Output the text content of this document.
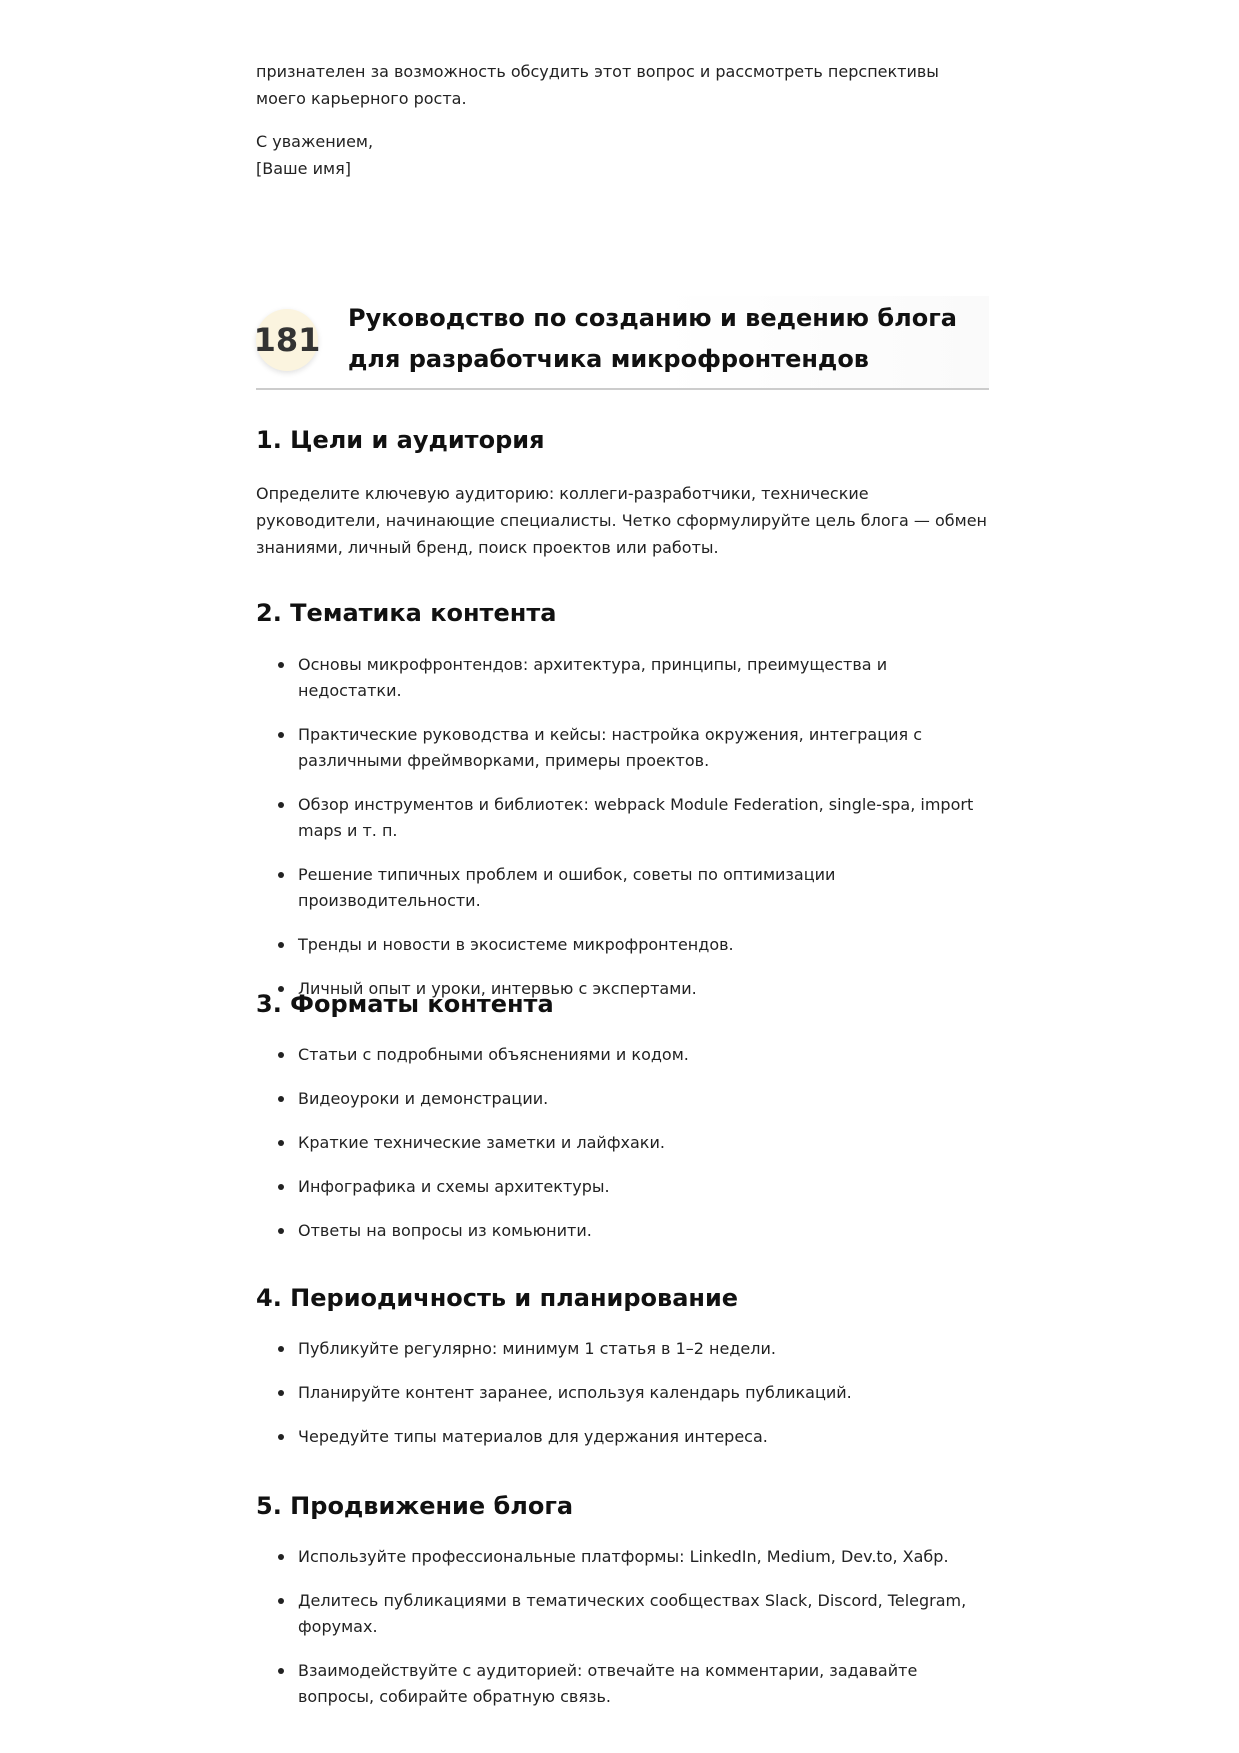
признателен за возможность обсудить этот вопрос и рассмотреть перспективы моего карьерного роста.

С уважением,
[Ваше имя]

181
Руководство по созданию и ведению блога для разработчика микрофронтендов
1. Цели и аудитория

Определите ключевую аудиторию: коллеги-разработчики, технические руководители, начинающие специалисты. Четко сформулируйте цель блога — обмен знаниями, личный бренд, поиск проектов или работы.

2. Тематика контента
Основы микрофронтендов: архитектура, принципы, преимущества и недостатки.
Практические руководства и кейсы: настройка окружения, интеграция с различными фреймворками, примеры проектов.
Обзор инструментов и библиотек: webpack Module Federation, single-spa, import maps и т. п.
Решение типичных проблем и ошибок, советы по оптимизации производительности.
Тренды и новости в экосистеме микрофронтендов.
Личный опыт и уроки, интервью с экспертами.
3. Форматы контента
Статьи с подробными объяснениями и кодом.
Видеоуроки и демонстрации.
Краткие технические заметки и лайфхаки.
Инфографика и схемы архитектуры.
Ответы на вопросы из комьюнити.
4. Периодичность и планирование
Публикуйте регулярно: минимум 1 статья в 1–2 недели.
Планируйте контент заранее, используя календарь публикаций.
Чередуйте типы материалов для удержания интереса.
5. Продвижение блога
Используйте профессиональные платформы: LinkedIn, Medium, Dev.to, Хабр.
Делитесь публикациями в тематических сообществах Slack, Discord, Telegram, форумах.
Взаимодействуйте с аудиторией: отвечайте на комментарии, задавайте вопросы, собирайте обратную связь.
